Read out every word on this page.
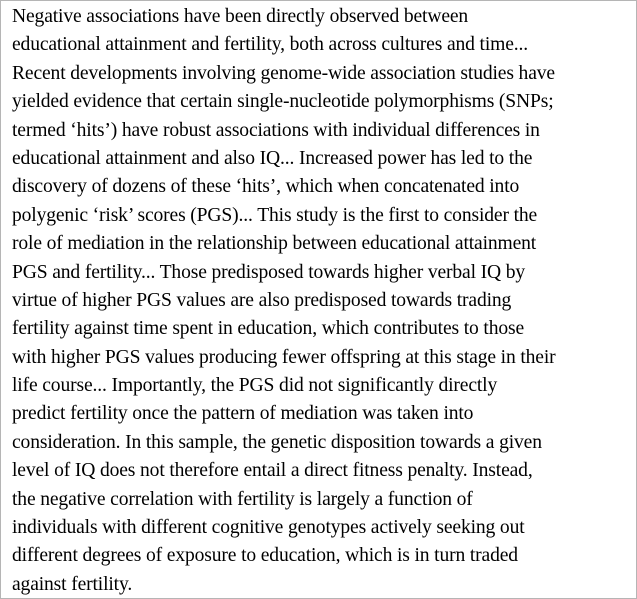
Negative associations have been directly observed between
educational attainment and fertility, both across cultures and time...
Recent developments involving genome-wide association studies have
yielded evidence that certain single-nucleotide polymorphisms (SNPs;
termed ‘hits’) have robust associations with individual differences in
educational attainment and also IQ... Increased power has led to the
discovery of dozens of these ‘hits’, which when concatenated into
polygenic ‘risk’ scores (PGS)... This study is the first to consider the
role of mediation in the relationship between educational attainment
PGS and fertility... Those predisposed towards higher verbal IQ by
virtue of higher PGS values are also predisposed towards trading
fertility against time spent in education, which contributes to those
with higher PGS values producing fewer offspring at this stage in their
life course... Importantly, the PGS did not significantly directly
predict fertility once the pattern of mediation was taken into
consideration. In this sample, the genetic disposition towards a given
level of IQ does not therefore entail a direct fitness penalty. Instead,
the negative correlation with fertility is largely a function of
individuals with different cognitive genotypes actively seeking out
different degrees of exposure to education, which is in turn traded
against fertility.
